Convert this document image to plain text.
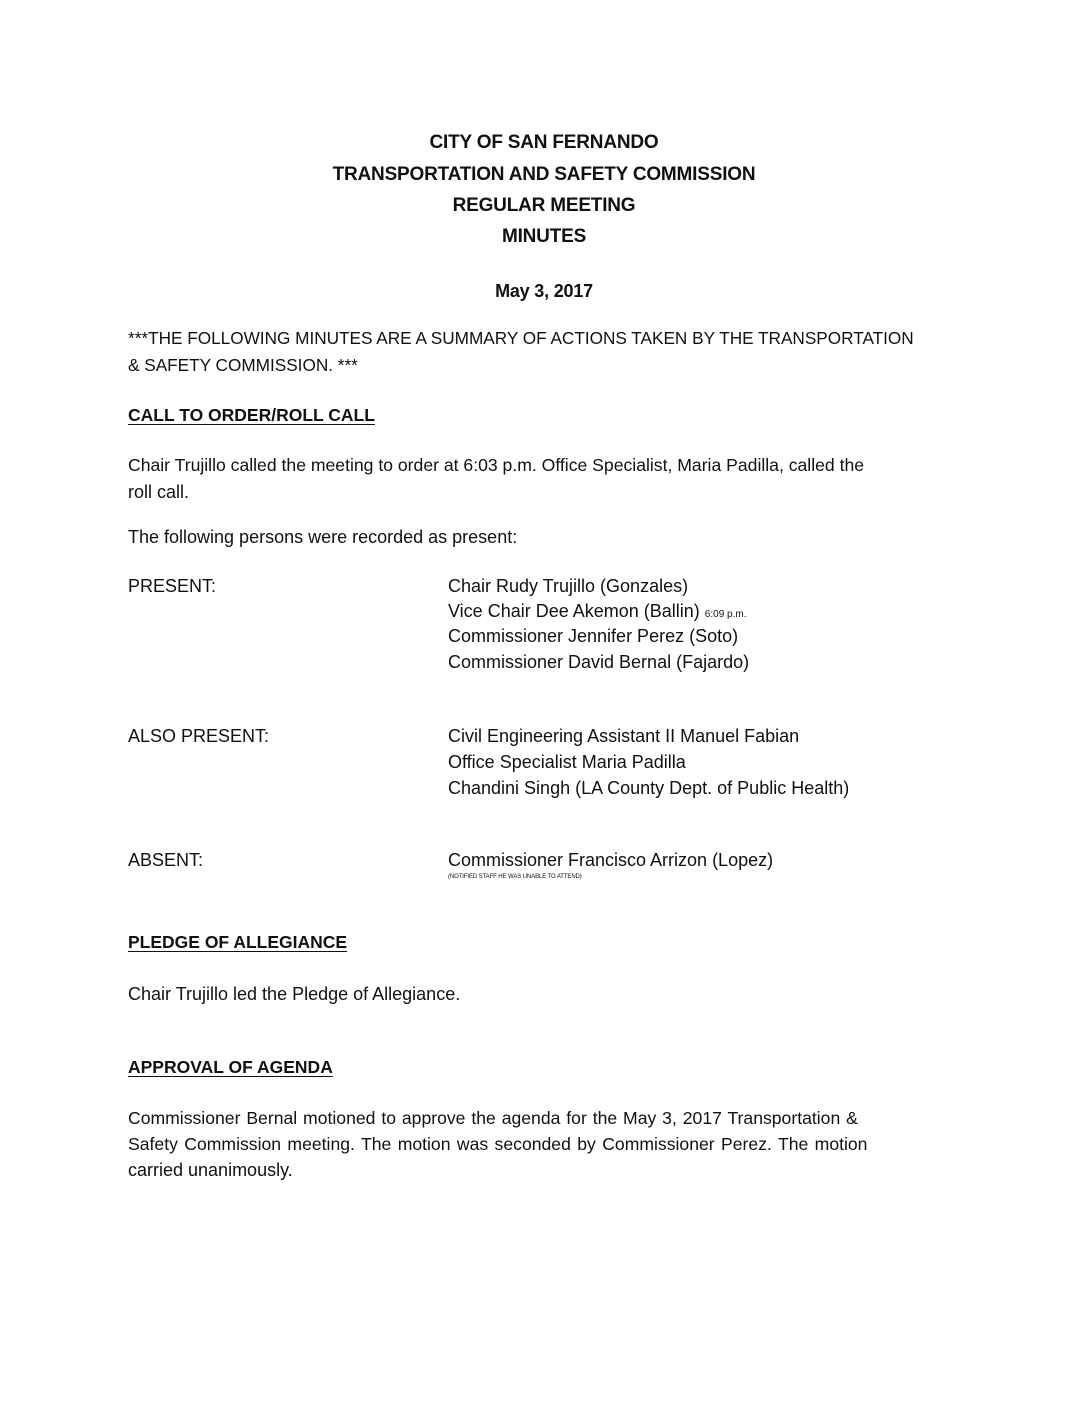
CITY OF SAN FERNANDO
TRANSPORTATION AND SAFETY COMMISSION
REGULAR MEETING
MINUTES
May 3, 2017
***THE FOLLOWING MINUTES ARE A SUMMARY OF ACTIONS TAKEN BY THE TRANSPORTATION
& SAFETY COMMISSION. ***
CALL TO ORDER/ROLL CALL
Chair Trujillo called the meeting to order at 6:03 p.m. Office Specialist, Maria Padilla, called the
roll call.
The following persons were recorded as present:
PRESENT:	Chair Rudy Trujillo (Gonzales)
Vice Chair Dee Akemon (Ballin) 6:09 p.m.
Commissioner Jennifer Perez (Soto)
Commissioner David Bernal (Fajardo)
ALSO PRESENT:	Civil Engineering Assistant II Manuel Fabian
Office Specialist Maria Padilla
Chandini Singh (LA County Dept. of Public Health)
ABSENT:	Commissioner Francisco Arrizon (Lopez)
(NOTIFIED STAFF HE WAS UNABLE TO ATTEND)
PLEDGE OF ALLEGIANCE
Chair Trujillo led the Pledge of Allegiance.
APPROVAL OF AGENDA
Commissioner Bernal motioned to approve the agenda for the May 3, 2017 Transportation &
Safety Commission meeting. The motion was seconded by Commissioner Perez. The motion
carried unanimously.
